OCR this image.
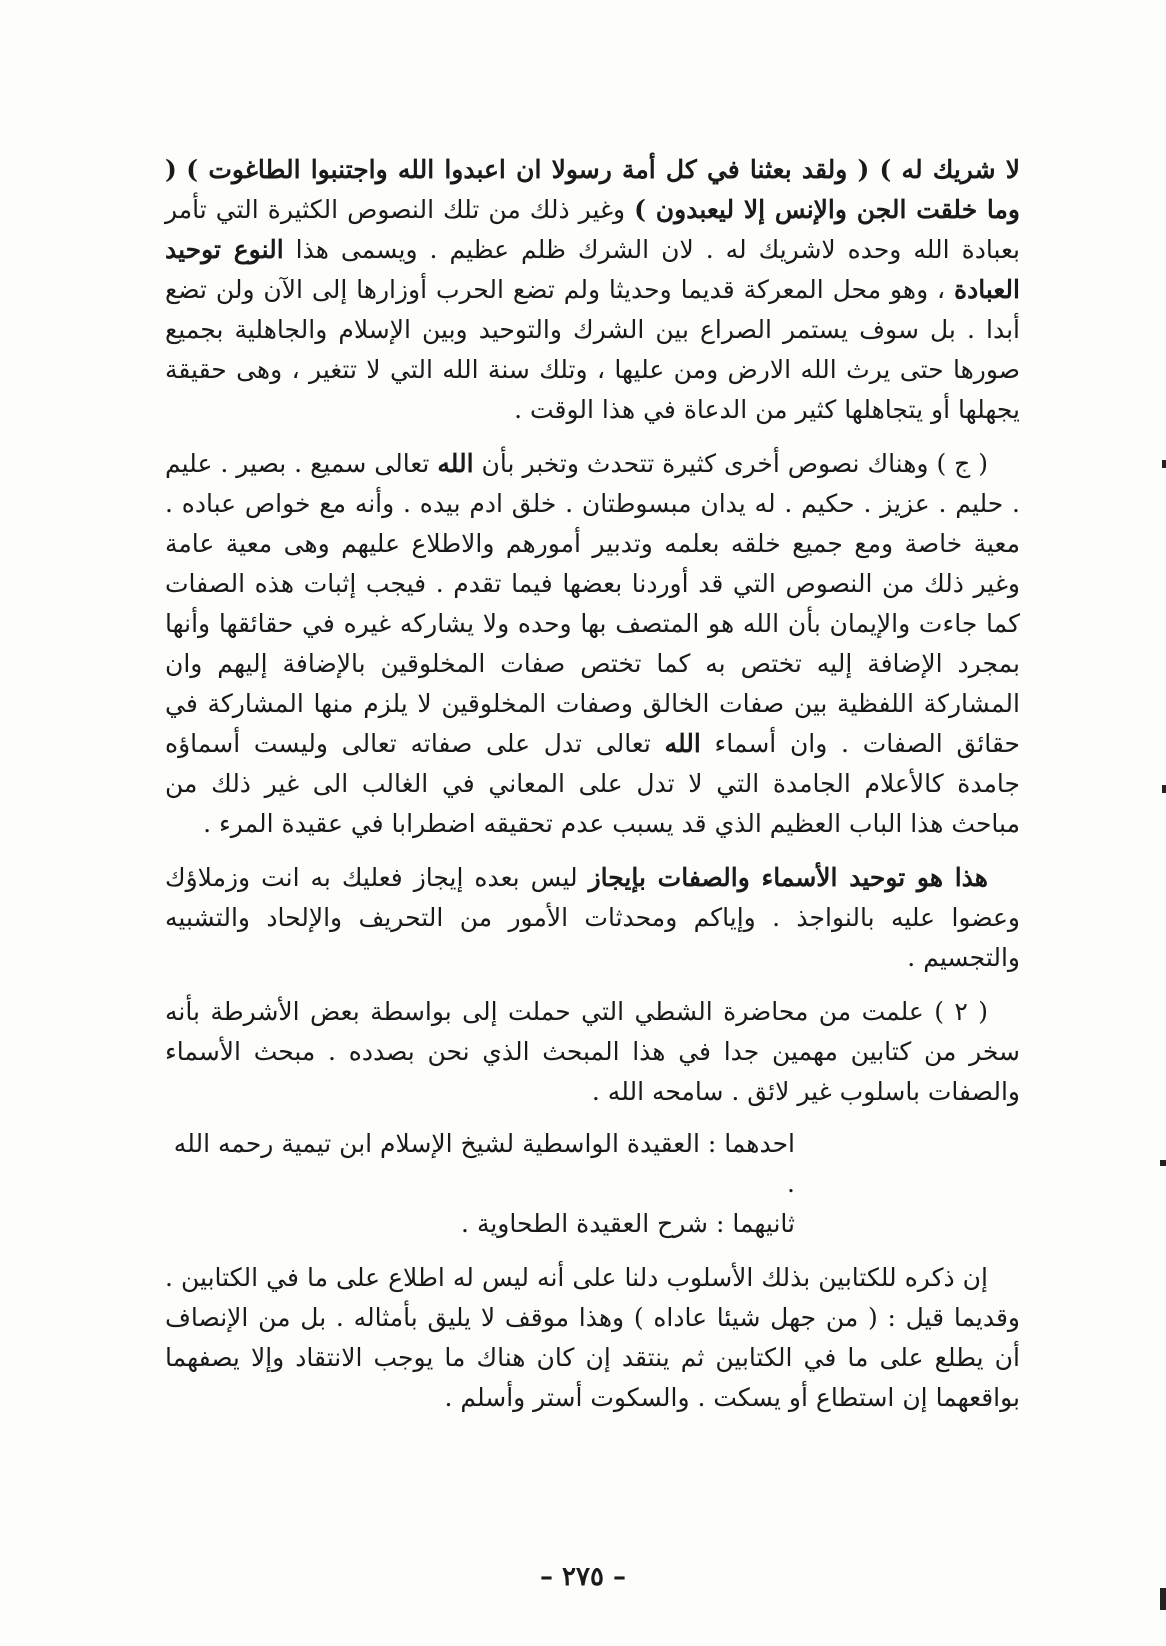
لا شريك له ) ( ولقد بعثنا في كل أمة رسولا ان اعبدوا الله واجتنبوا الطاغوت ) ( وما خلقت الجن والإنس إلا ليعبدون ) وغير ذلك من تلك النصوص الكثيرة التي تأمر بعبادة الله وحده لاشريك له . لان الشرك ظلم عظيم . ويسمى هذا النوع توحيد العبادة ، وهو محل المعركة قديما وحديثا ولم تضع الحرب أوزارها إلى الآن ولن تضع أبدا . بل سوف يستمر الصراع بين الشرك والتوحيد وبين الإسلام والجاهلية بجميع صورها حتى يرث الله الارض ومن عليها ، وتلك سنة الله التي لا تتغير ، وهى حقيقة يجهلها أو يتجاهلها كثير من الدعاة في هذا الوقت .

( ج ) وهناك نصوص أخرى كثيرة تتحدث وتخبر بأن الله تعالى سميع . بصير . عليم . حليم . عزيز . حكيم . له يدان مبسوطتان . خلق ادم بيده . وأنه مع خواص عباده . معية خاصة ومع جميع خلقه بعلمه وتدبير أمورهم والاطلاع عليهم وهى معية عامة وغير ذلك من النصوص التي قد أوردنا بعضها فيما تقدم . فيجب إثبات هذه الصفات كما جاءت والإيمان بأن الله هو المتصف بها وحده ولا يشاركه غيره في حقائقها وأنها بمجرد الإضافة إليه تختص به كما تختص صفات المخلوقين بالإضافة إليهم وان المشاركة اللفظية بين صفات الخالق وصفات المخلوقين لا يلزم منها المشاركة في حقائق الصفات . وان أسماء الله تعالى تدل على صفاته تعالى وليست أسماؤه جامدة كالأعلام الجامدة التي لا تدل على المعاني في الغالب الى غير ذلك من مباحث هذا الباب العظيم الذي قد يسبب عدم تحقيقه اضطرابا في عقيدة المرء .

هذا هو توحيد الأسماء والصفات بإيجاز ليس بعده إيجاز فعليك به انت وزملاؤك وعضوا عليه بالنواجذ . وإياكم ومحدثات الأمور من التحريف والإلحاد والتشبيه والتجسيم .

( ٢ ) علمت من محاضرة الشطي التي حملت إلى بواسطة بعض الأشرطة بأنه سخر من كتابين مهمين جدا في هذا المبحث الذي نحن بصدده . مبحث الأسماء والصفات باسلوب غير لائق . سامحه الله .

احدهما : العقيدة الواسطية لشيخ الإسلام ابن تيمية رحمه الله .

ثانيهما : شرح العقيدة الطحاوية .

إن ذكره للكتابين بذلك الأسلوب دلنا على أنه ليس له اطلاع على ما في الكتابين . وقديما قيل : ( من جهل شيئا عاداه ) وهذا موقف لا يليق بأمثاله . بل من الإنصاف أن يطلع على ما في الكتابين ثم ينتقد إن كان هناك ما يوجب الانتقاد وإلا يصفهما بواقعهما إن استطاع أو يسكت . والسكوت أستر وأسلم .

– ٢٧٥ –
